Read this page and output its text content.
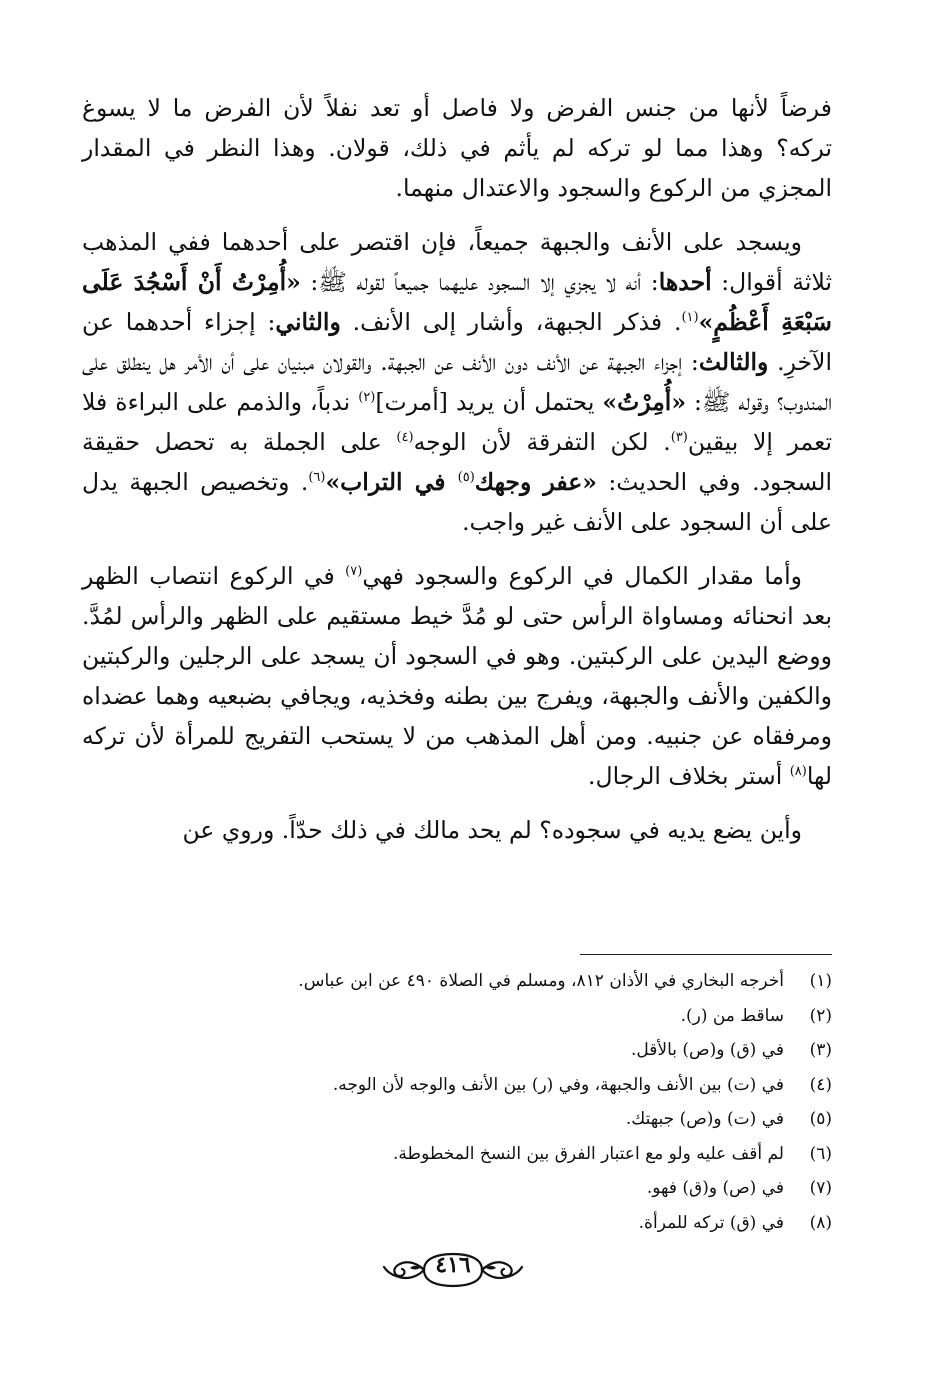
فرضاً لأنها من جنس الفرض ولا فاصل أو تعد نفلاً لأن الفرض ما لا يسوغ تركه؟ وهذا مما لو تركه لم يأثم في ذلك، قولان. وهذا النظر في المقدار المجزي من الركوع والسجود والاعتدال منهما.

ويسجد على الأنف والجبهة جميعاً، فإن اقتصر على أحدهما ففي المذهب ثلاثة أقوال: أحدها: أنه لا يجزي إلا السجود عليهما جميعاً لقوله ﷺ: «أُمِرْتُ أَنْ أَسْجُدَ عَلَى سَبْعَةِ أَعْظُمٍ»$^{(١)}$. فذكر الجبهة، وأشار إلى الأنف. والثاني: إجزاء أحدهما عن الآخرِ. والثالث: إجزاء الجبهة عن الأنف دون الأنف عن الجبهة. والقولان مبنيان على أن الأمر هل ينطلق على المندوب؟ وقوله ﷺ: «أُمِرْتُ» يحتمل أن يريد [أمرت]$^{(٢)}$ ندباً، والذمم على البراءة فلا تعمر إلا بيقين$^{(٣)}$. لكن التفرقة لأن الوجه$^{(٤)}$ على الجملة به تحصل حقيقة السجود. وفي الحديث: «عفر وجهك$^{(٥)}$ في التراب»$^{(٦)}$. وتخصيص الجبهة يدل على أن السجود على الأنف غير واجب.

وأما مقدار الكمال في الركوع والسجود فهي$^{(٧)}$ في الركوع انتصاب الظهر بعد انحنائه ومساواة الرأس حتى لو مُدَّ خيط مستقيم على الظهر والرأس لمُدَّ. ووضع اليدين على الركبتين. وهو في السجود أن يسجد على الرجلين والركبتين والكفين والأنف والجبهة، ويفرج بين بطنه وفخذيه، ويجافي بضبعيه وهما عضداه ومرفقاه عن جنبيه. ومن أهل المذهب من لا يستحب التفريج للمرأة لأن تركه لها$^{(٨)}$ أستر بخلاف الرجال.

وأين يضع يديه في سجوده؟ لم يحد مالك في ذلك حدّاً. وروي عن

(١)
أخرجه البخاري في الأذان ٨١٢، ومسلم في الصلاة ٤٩٠ عن ابن عباس.
(٢)
ساقط من (ر).
(٣)
في (ق) و(ص) بالأقل.
(٤)
في (ت) بين الأنف والجبهة، وفي (ر) بين الأنف والوجه لأن الوجه.
(٥)
في (ت) و(ص) جبهتك.
(٦)
لم أقف عليه ولو مع اعتبار الفرق بين النسخ المخطوطة.
(٧)
في (ص) و(ق) فهو.
(٨)
في (ق) تركه للمرأة.
٤١٦
